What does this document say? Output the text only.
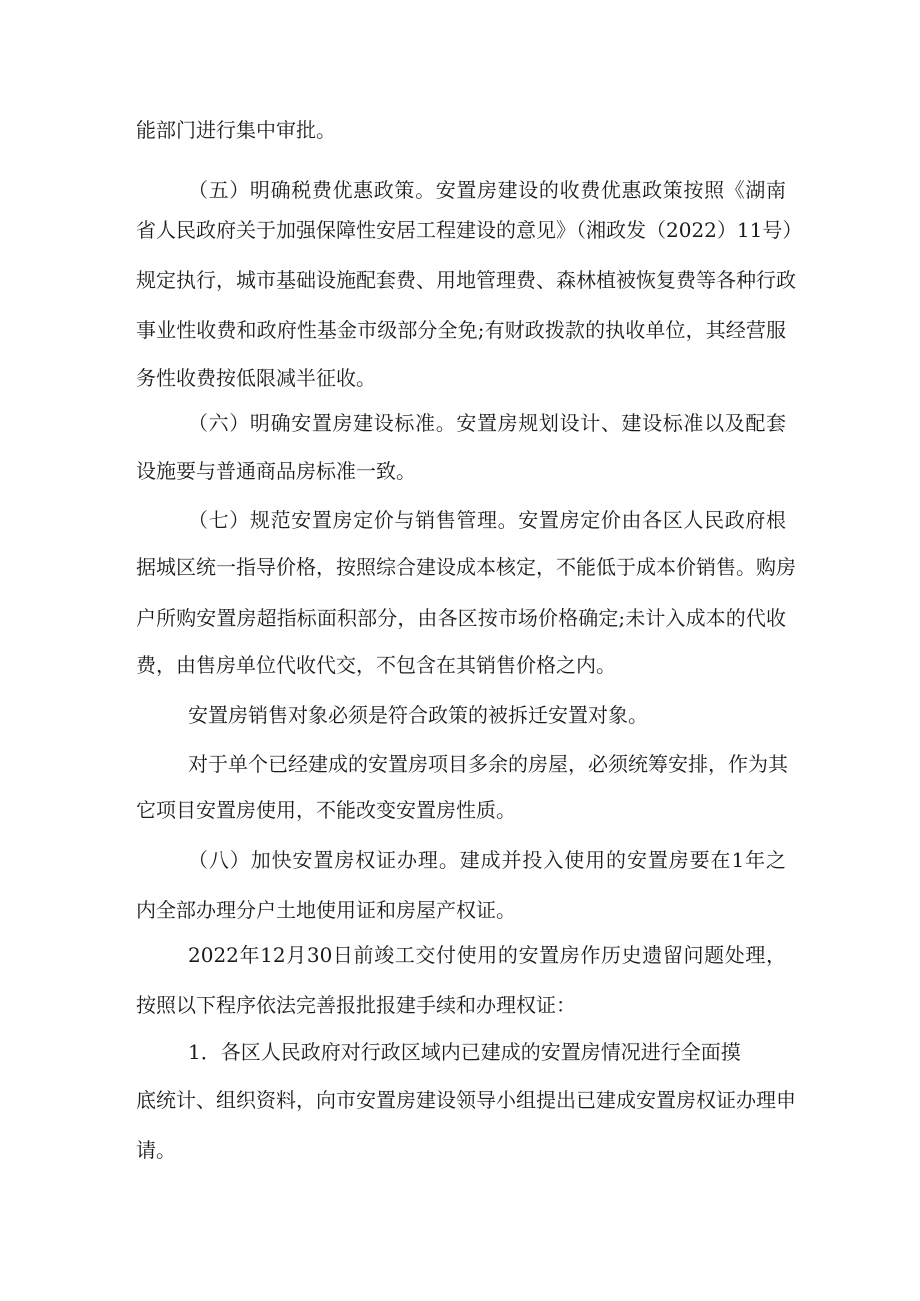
能部门进行集中审批。
（五）明确税费优惠政策。安置房建设的收费优惠政策按照《湖南
省人民政府关于加强保障性安居工程建设的意见》（湘政发（2022）11号）
规定执行，城市基础设施配套费、用地管理费、森林植被恢复费等各种行政
事业性收费和政府性基金市级部分全免;有财政拨款的执收单位，其经营服
务性收费按低限减半征收。
（六）明确安置房建设标准。安置房规划设计、建设标准以及配套
设施要与普通商品房标准一致。
（七）规范安置房定价与销售管理。安置房定价由各区人民政府根
据城区统一指导价格，按照综合建设成本核定，不能低于成本价销售。购房
户所购安置房超指标面积部分，由各区按市场价格确定;未计入成本的代收
费，由售房单位代收代交，不包含在其销售价格之内。
安置房销售对象必须是符合政策的被拆迁安置对象。
对于单个已经建成的安置房项目多余的房屋，必须统筹安排，作为其
它项目安置房使用，不能改变安置房性质。
（八）加快安置房权证办理。建成并投入使用的安置房要在1年之
内全部办理分户土地使用证和房屋产权证。
2022年12月30日前竣工交付使用的安置房作历史遗留问题处理，
按照以下程序依法完善报批报建手续和办理权证：
1．各区人民政府对行政区域内已建成的安置房情况进行全面摸
底统计、组织资料，向市安置房建设领导小组提出已建成安置房权证办理申
请。
